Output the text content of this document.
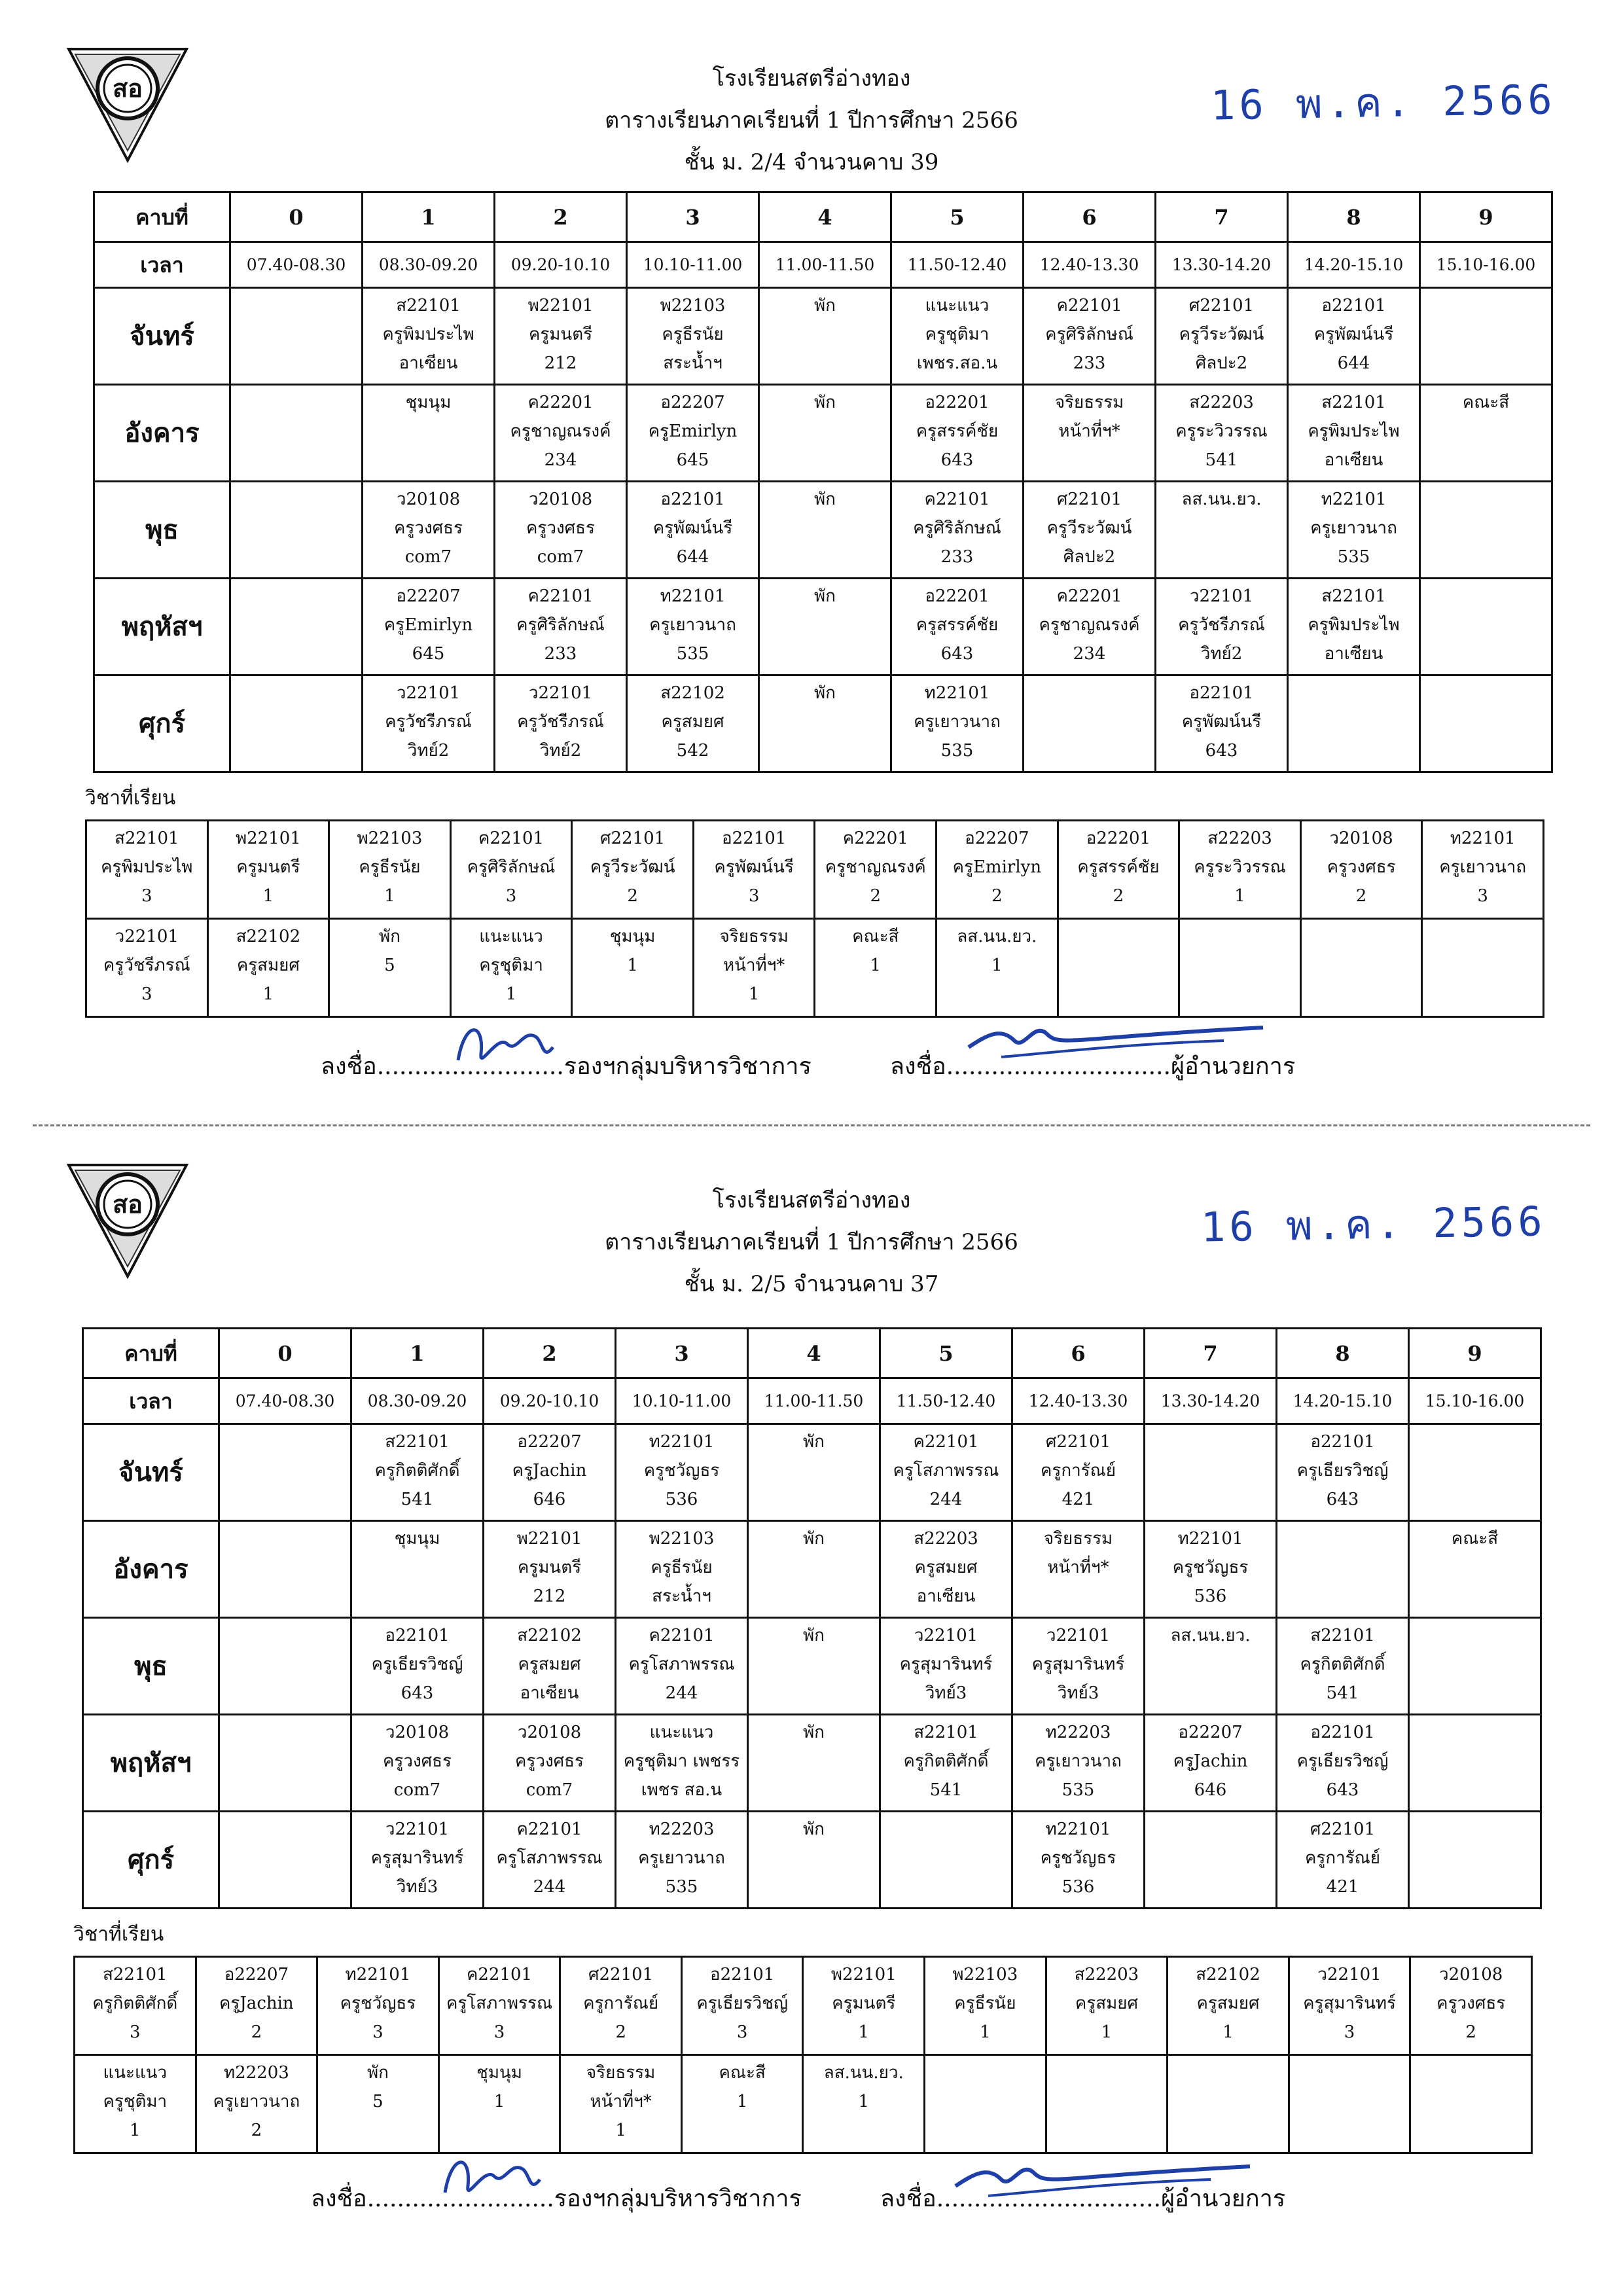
สอ	โรงเรียนสตรีอ่างทอง
ตารางเรียนภาคเรียนที่ 1 ปีการศึกษา 2566
ชั้น ม. 2/4 จำนวนคาบ 39
16 พ.ค. 2566
คาบที่	0	1	2	3	4	5	6	7	8	9
เวลา	07.40-08.30	08.30-09.20	09.20-10.10	10.10-11.00	11.00-11.50	11.50-12.40	12.40-13.30	13.30-14.20	14.20-15.10	15.10-16.00
จันทร์		ส22101
ครูพิมประไพ
อาเซียน	พ22101
ครูมนตรี
212	พ22103
ครูธีรนัย
สระน้ำฯ	พัก	แนะแนว
ครูชุติมา
เพชร.สอ.น	ค22101
ครูศิริลักษณ์
233	ศ22101
ครูวีระวัฒน์
ศิลปะ2	อ22101
ครูพัฒน์นรี
644	

อังคาร		ชุมนุม	ค22201
ครูชาญณรงค์
234	อ22207
ครูEmirlyn
645	พัก	อ22201
ครูสรรค์ชัย
643	จริยธรรม
หน้าที่ฯ*	ส22203
ครูระวิวรรณ
541	ส22101
ครูพิมประไพ
อาเซียน	คณะสี

พุธ		ว20108
ครูวงศธร
com7	ว20108
ครูวงศธร
com7	อ22101
ครูพัฒน์นรี
644	พัก	ค22101
ครูศิริลักษณ์
233	ศ22101
ครูวีระวัฒน์
ศิลปะ2	ลส.นน.ยว.	ท22101
ครูเยาวนาถ
535	

พฤหัสฯ		อ22207
ครูEmirlyn
645	ค22101
ครูศิริลักษณ์
233	ท22101
ครูเยาวนาถ
535	พัก	อ22201
ครูสรรค์ชัย
643	ค22201
ครูชาญณรงค์
234	ว22101
ครูวัชรีภรณ์
วิทย์2	ส22101
ครูพิมประไพ
อาเซียน	

ศุกร์		ว22101
ครูวัชรีภรณ์
วิทย์2	ว22101
ครูวัชรีภรณ์
วิทย์2	ส22102
ครูสมยศ
542	พัก	ท22101
ครูเยาวนาถ
535		อ22101
ครูพัฒน์นรี
643		

วิชาที่เรียน
ส22101
ครูพิมประไพ
3	พ22101
ครูมนตรี
1	พ22103
ครูธีรนัย
1	ค22101
ครูศิริลักษณ์
3	ศ22101
ครูวีระวัฒน์
2	อ22101
ครูพัฒน์นรี
3	ค22201
ครูชาญณรงค์
2	อ22207
ครูEmirlyn
2	อ22201
ครูสรรค์ชัย
2	ส22203
ครูระวิวรรณ
1	ว20108
ครูวงศธร
2	ท22101
ครูเยาวนาถ
3

ว22101
ครูวัชรีภรณ์
3	ส22102
ครูสมยศ
1	พัก
5	แนะแนว
ครูชุติมา
1	ชุมนุม
1	จริยธรรม
หน้าที่ฯ*
1	คณะสี
1	ลส.นน.ยว.
1				

ลงชื่อ.........................รองฯกลุ่มบริหารวิชาการ	ลงชื่อ..............................ผู้อำนวยการ
สอ	โรงเรียนสตรีอ่างทอง
ตารางเรียนภาคเรียนที่ 1 ปีการศึกษา 2566
ชั้น ม. 2/5 จำนวนคาบ 37
16 พ.ค. 2566
คาบที่	0	1	2	3	4	5	6	7	8	9
เวลา	07.40-08.30	08.30-09.20	09.20-10.10	10.10-11.00	11.00-11.50	11.50-12.40	12.40-13.30	13.30-14.20	14.20-15.10	15.10-16.00
จันทร์		ส22101
ครูกิตติศักดิ์
541	อ22207
ครูJachin
646	ท22101
ครูชวัญธร
536	พัก	ค22101
ครูโสภาพรรณ
244	ศ22101
ครูการัณย์
421		อ22101
ครูเธียรวิชญ์
643	

อังคาร		ชุมนุม	พ22101
ครูมนตรี
212	พ22103
ครูธีรนัย
สระน้ำฯ	พัก	ส22203
ครูสมยศ
อาเซียน	จริยธรรม
หน้าที่ฯ*	ท22101
ครูชวัญธร
536		คณะสี

พุธ		อ22101
ครูเธียรวิชญ์
643	ส22102
ครูสมยศ
อาเซียน	ค22101
ครูโสภาพรรณ
244	พัก	ว22101
ครูสุมารินทร์
วิทย์3	ว22101
ครูสุมารินทร์
วิทย์3	ลส.นน.ยว.	ส22101
ครูกิตติศักดิ์
541	

พฤหัสฯ		ว20108
ครูวงศธร
com7	ว20108
ครูวงศธร
com7	แนะแนว
ครูชุติมา เพชรร
เพชร สอ.น	พัก	ส22101
ครูกิตติศักดิ์
541	ท22203
ครูเยาวนาถ
535	อ22207
ครูJachin
646	อ22101
ครูเธียรวิชญ์
643	

ศุกร์		ว22101
ครูสุมารินทร์
วิทย์3	ค22101
ครูโสภาพรรณ
244	ท22203
ครูเยาวนาถ
535	พัก		ท22101
ครูชวัญธร
536		ศ22101
ครูการัณย์
421	

วิชาที่เรียน
ส22101
ครูกิตติศักดิ์
3	อ22207
ครูJachin
2	ท22101
ครูชวัญธร
3	ค22101
ครูโสภาพรรณ
3	ศ22101
ครูการัณย์
2	อ22101
ครูเธียรวิชญ์
3	พ22101
ครูมนตรี
1	พ22103
ครูธีรนัย
1	ส22203
ครูสมยศ
1	ส22102
ครูสมยศ
1	ว22101
ครูสุมารินทร์
3	ว20108
ครูวงศธร
2

แนะแนว
ครูชุติมา
1	ท22203
ครูเยาวนาถ
2	พัก
5	ชุมนุม
1	จริยธรรม
หน้าที่ฯ*
1	คณะสี
1	ลส.นน.ยว.
1					

ลงชื่อ.........................รองฯกลุ่มบริหารวิชาการ	ลงชื่อ..............................ผู้อำนวยการ
